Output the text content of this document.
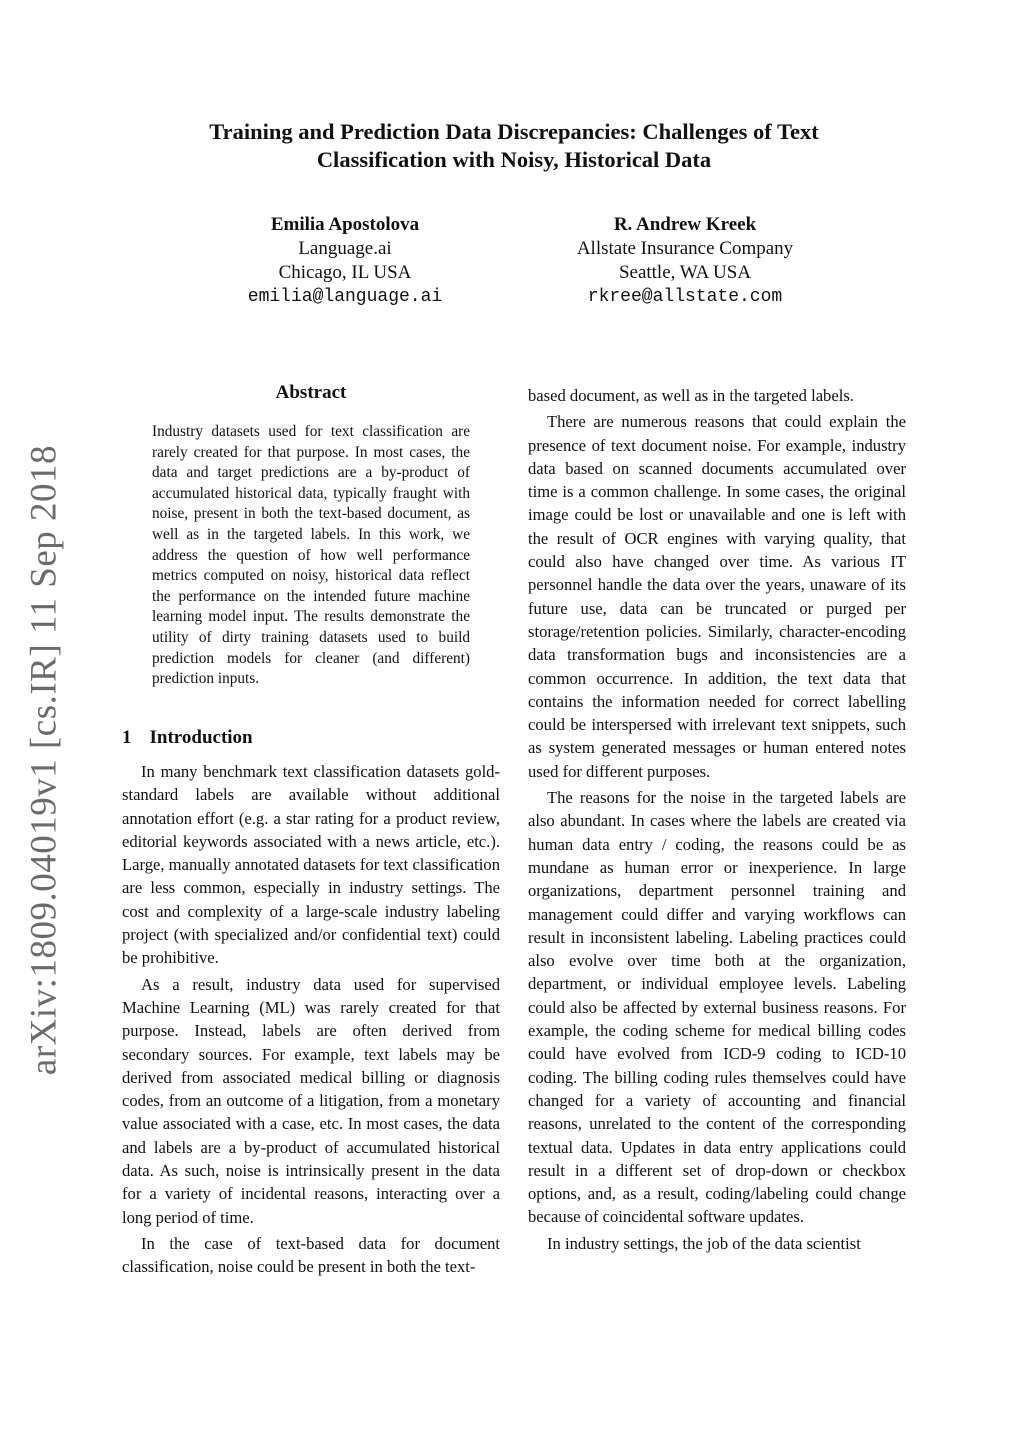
arXiv:1809.04019v1 [cs.IR] 11 Sep 2018
Training and Prediction Data Discrepancies: Challenges of Text Classification with Noisy, Historical Data
Emilia Apostolova
Language.ai
Chicago, IL USA
emilia@language.ai
R. Andrew Kreek
Allstate Insurance Company
Seattle, WA USA
rkree@allstate.com
Abstract
Industry datasets used for text classification are rarely created for that purpose. In most cases, the data and target predictions are a by-product of accumulated historical data, typically fraught with noise, present in both the text-based document, as well as in the targeted labels. In this work, we address the question of how well performance metrics computed on noisy, historical data reflect the performance on the intended future machine learning model input. The results demonstrate the utility of dirty training datasets used to build prediction models for cleaner (and different) prediction inputs.
1 Introduction

In many benchmark text classification datasets gold-standard labels are available without additional annotation effort (e.g. a star rating for a product review, editorial keywords associated with a news article, etc.). Large, manually annotated datasets for text classification are less common, especially in industry settings. The cost and complexity of a large-scale industry labeling project (with specialized and/or confidential text) could be prohibitive.

As a result, industry data used for supervised Machine Learning (ML) was rarely created for that purpose. Instead, labels are often derived from secondary sources. For example, text labels may be derived from associated medical billing or diagnosis codes, from an outcome of a litigation, from a monetary value associated with a case, etc. In most cases, the data and labels are a by-product of accumulated historical data. As such, noise is intrinsically present in the data for a variety of incidental reasons, interacting over a long period of time.

In the case of text-based data for document classification, noise could be present in both the text-

based document, as well as in the targeted labels.

There are numerous reasons that could explain the presence of text document noise. For example, industry data based on scanned documents accumulated over time is a common challenge. In some cases, the original image could be lost or unavailable and one is left with the result of OCR engines with varying quality, that could also have changed over time. As various IT personnel handle the data over the years, unaware of its future use, data can be truncated or purged per storage/retention policies. Similarly, character-encoding data transformation bugs and inconsistencies are a common occurrence. In addition, the text data that contains the information needed for correct labelling could be interspersed with irrelevant text snippets, such as system generated messages or human entered notes used for different purposes.

The reasons for the noise in the targeted labels are also abundant. In cases where the labels are created via human data entry / coding, the reasons could be as mundane as human error or inexperience. In large organizations, department personnel training and management could differ and varying workflows can result in inconsistent labeling. Labeling practices could also evolve over time both at the organization, department, or individual employee levels. Labeling could also be affected by external business reasons. For example, the coding scheme for medical billing codes could have evolved from ICD-9 coding to ICD-10 coding. The billing coding rules themselves could have changed for a variety of accounting and financial reasons, unrelated to the content of the corresponding textual data. Updates in data entry applications could result in a different set of drop-down or checkbox options, and, as a result, coding/labeling could change because of coincidental software updates.

In industry settings, the job of the data scientist
